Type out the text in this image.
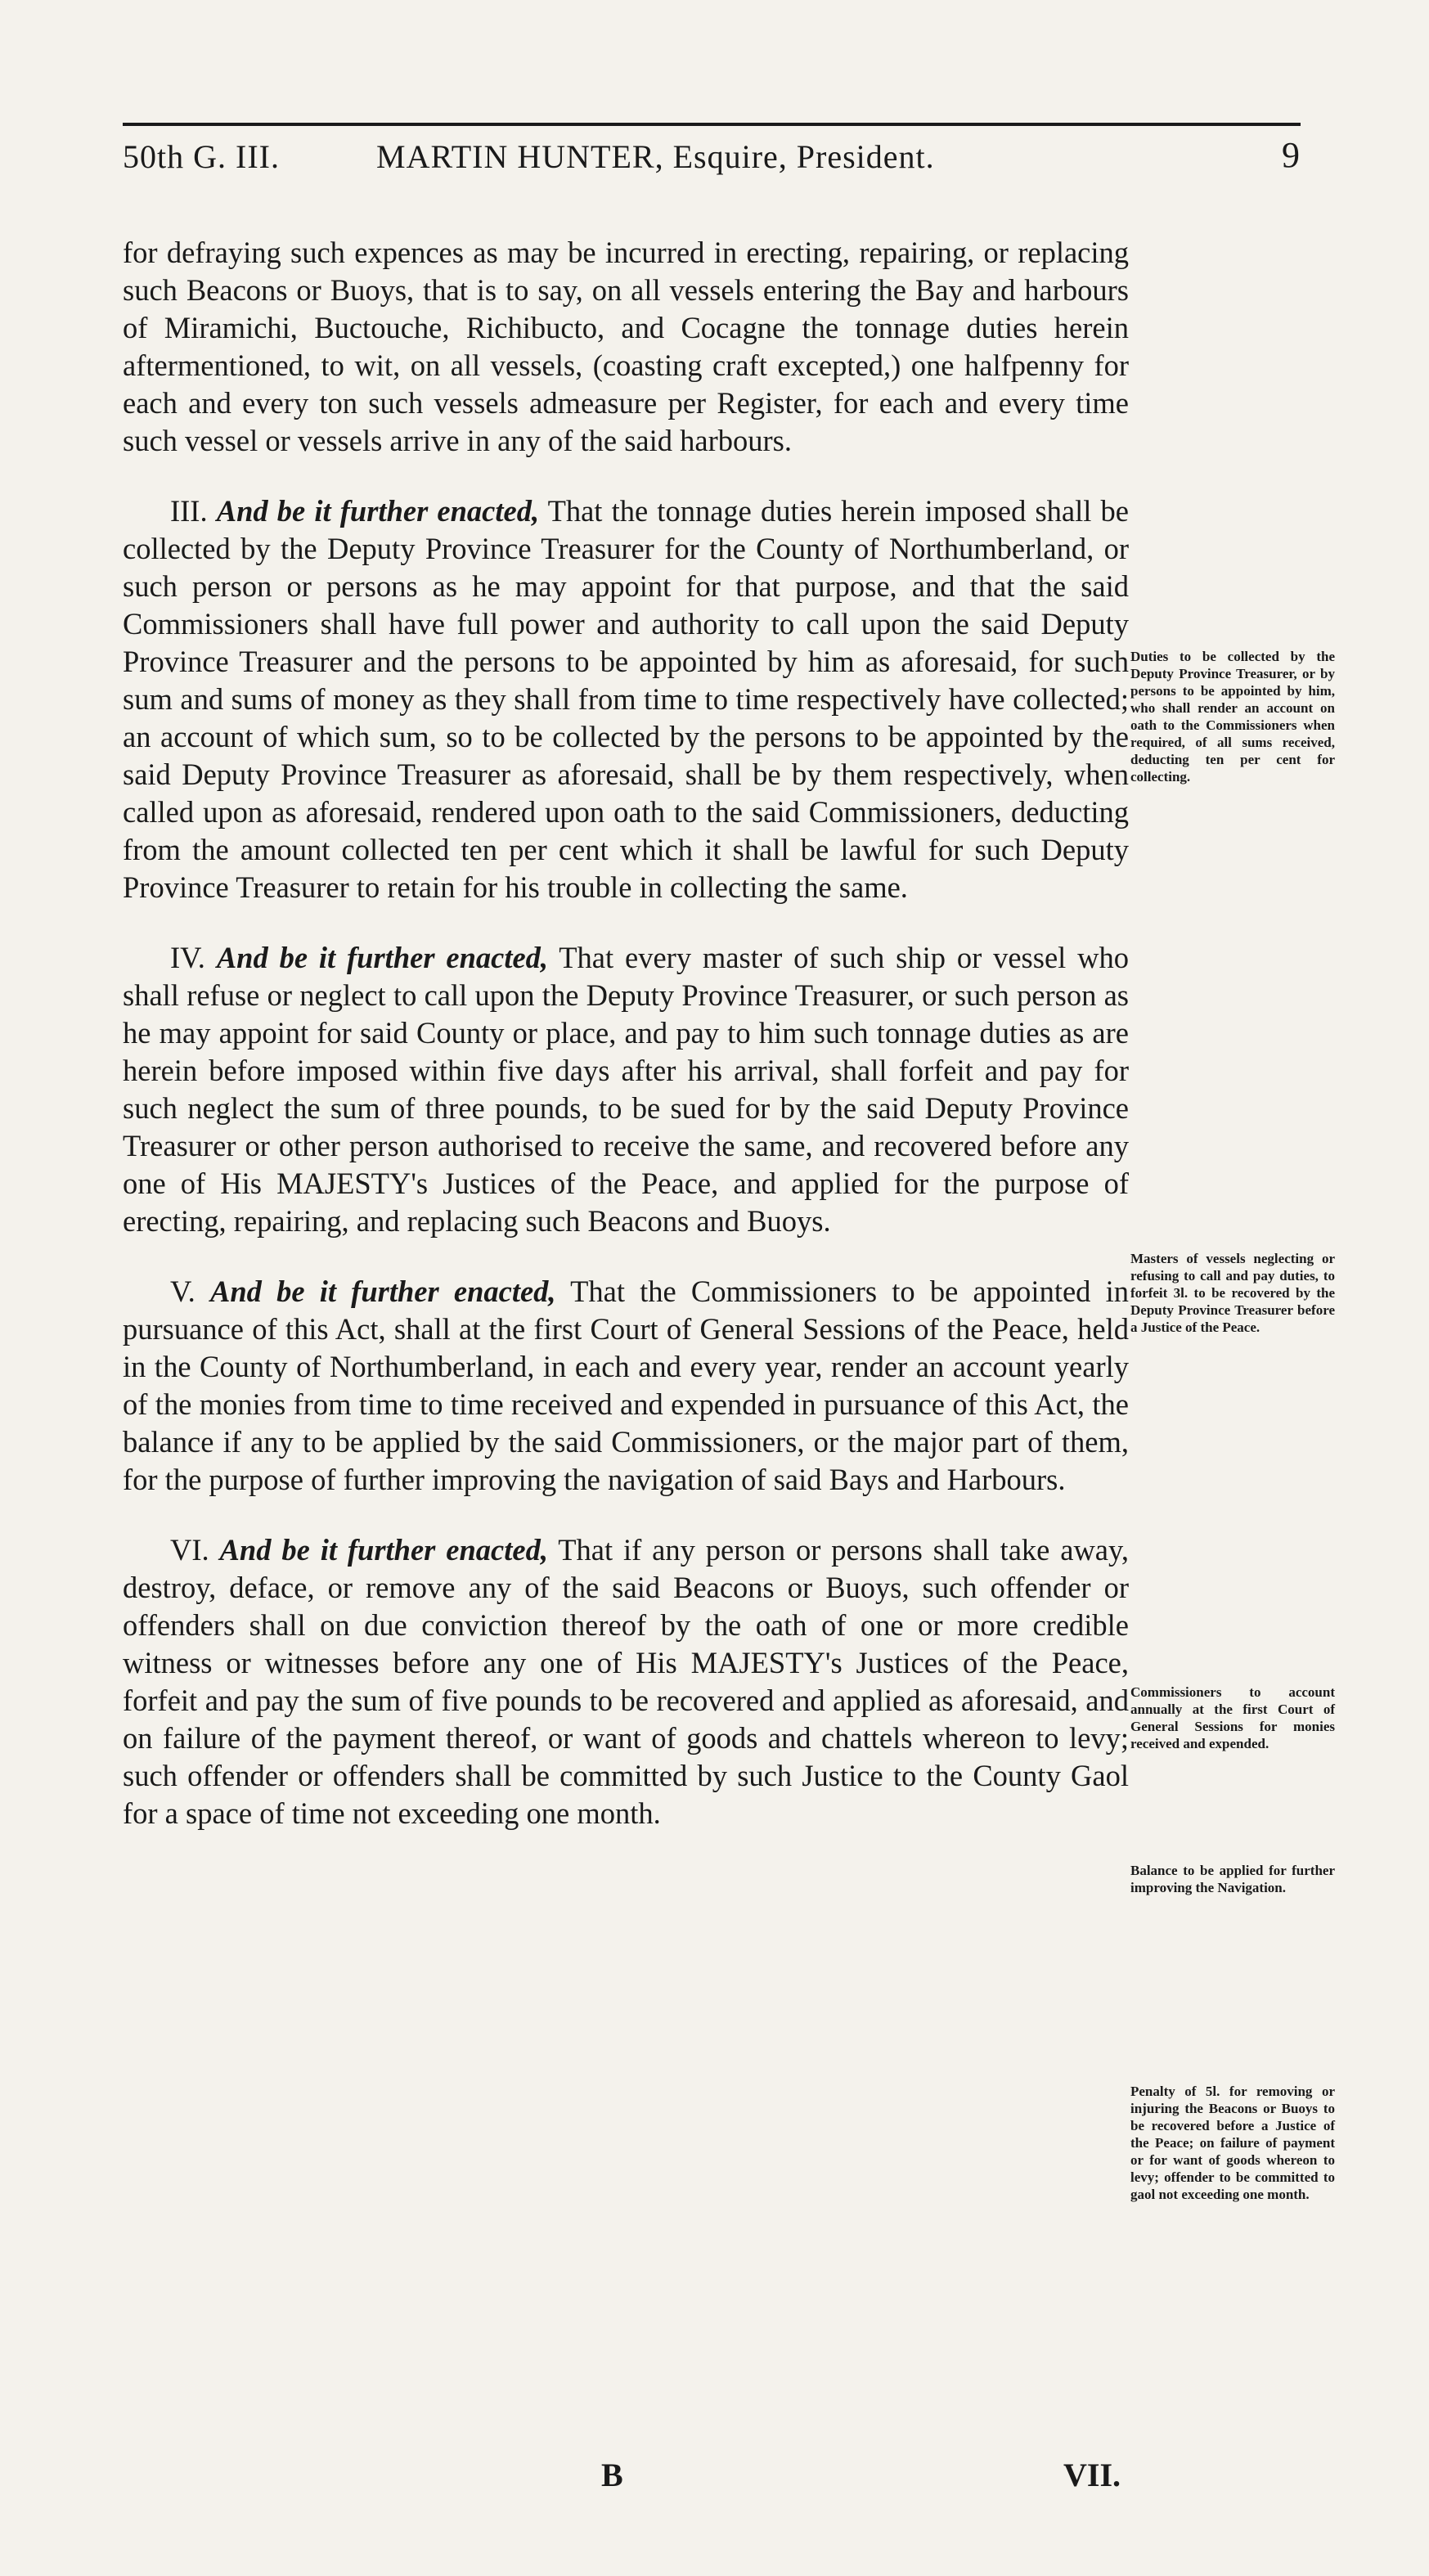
50th G. III.	MARTIN HUNTER, Esquire, President.	9

for defraying such expences as may be incurred in erecting, repairing, or replacing such Beacons or Buoys, that is to say, on all vessels entering the Bay and harbours of Miramichi, Buctouche, Richibucto, and Cocagne the tonnage duties herein aftermentioned, to wit, on all vessels, (coasting craft excepted,) one halfpenny for each and every ton such vessels admeasure per Register, for each and every time such vessel or vessels arrive in any of the said harbours.

III. And be it further enacted, That the tonnage duties herein imposed shall be collected by the Deputy Province Treasurer for the County of Northumberland, or such person or persons as he may appoint for that purpose, and that the said Commissioners shall have full power and authority to call upon the said Deputy Province Treasurer and the persons to be appointed by him as aforesaid, for such sum and sums of money as they shall from time to time respectively have collected; an account of which sum, so to be collected by the persons to be appointed by the said Deputy Province Treasurer as aforesaid, shall be by them respectively, when called upon as aforesaid, rendered upon oath to the said Commissioners, deducting from the amount collected ten per cent which it shall be lawful for such Deputy Province Treasurer to retain for his trouble in collecting the same.

IV. And be it further enacted, That every master of such ship or vessel who shall refuse or neglect to call upon the Deputy Province Treasurer, or such person as he may appoint for said County or place, and pay to him such tonnage duties as are herein before imposed within five days after his arrival, shall forfeit and pay for such neglect the sum of three pounds, to be sued for by the said Deputy Province Treasurer or other person authorised to receive the same, and recovered before any one of His MAJESTY's Justices of the Peace, and applied for the purpose of erecting, repairing, and replacing such Beacons and Buoys.

V. And be it further enacted, That the Commissioners to be appointed in pursuance of this Act, shall at the first Court of General Sessions of the Peace, held in the County of Northumberland, in each and every year, render an account yearly of the monies from time to time received and expended in pursuance of this Act, the balance if any to be applied by the said Commissioners, or the major part of them, for the purpose of further improving the navigation of said Bays and Harbours.

VI. And be it further enacted, That if any person or persons shall take away, destroy, deface, or remove any of the said Beacons or Buoys, such offender or offenders shall on due conviction thereof by the oath of one or more credible witness or witnesses before any one of His MAJESTY's Justices of the Peace, forfeit and pay the sum of five pounds to be recovered and applied as aforesaid, and on failure of the payment thereof, or want of goods and chattels whereon to levy; such offender or offenders shall be committed by such Justice to the County Gaol for a space of time not exceeding one month.

Duties to be collected by the Deputy Province Treasurer, or by persons to be appointed by him, who shall render an account on oath to the Commissioners when required, of all sums received, deducting ten per cent for collecting.
Masters of vessels neglecting or refusing to call and pay duties, to forfeit 3l. to be recovered by the Deputy Province Treasurer before a Justice of the Peace.
Commissioners to account annually at the first Court of General Sessions for monies received and expended.
Balance to be applied for further improving the Navigation.
Penalty of 5l. for removing or injuring the Beacons or Buoys to be recovered before a Justice of the Peace; on failure of payment or for want of goods whereon to levy; offender to be committed to gaol not exceeding one month.
B	VII.
